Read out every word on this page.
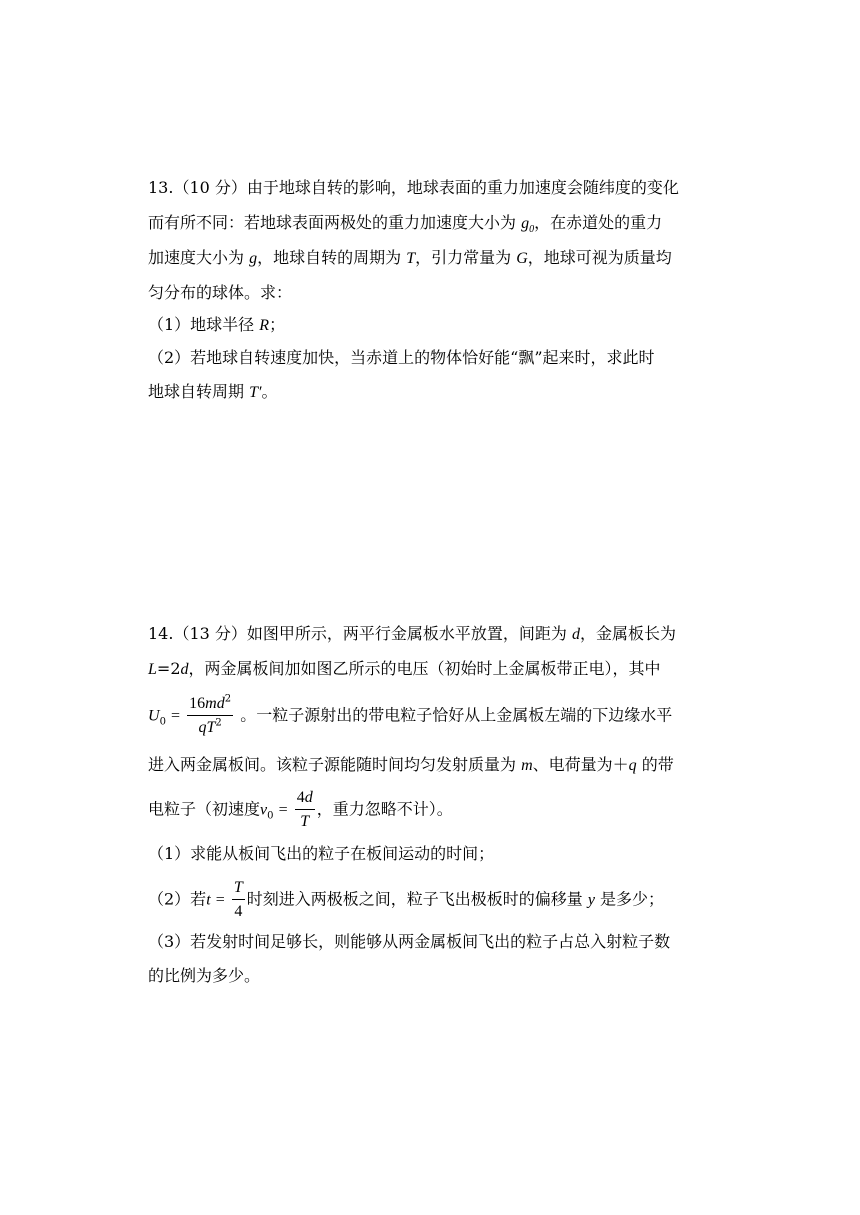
13.（10 分）由于地球自转的影响，地球表面的重力加速度会随纬度的变化
而有所不同：若地球表面两极处的重力加速度大小为 $g_0$，在赤道处的重力
加速度大小为 g，地球自转的周期为 T，引力常量为 G，地球可视为质量均
匀分布的球体。求：
（1）地球半径 R；
（2）若地球自转速度加快，当赤道上的物体恰好能“飘”起来时，求此时
地球自转周期 T′。
14.（13 分）如图甲所示，两平行金属板水平放置，间距为 d，金属板长为
L=2d，两金属板间加如图乙所示的电压（初始时上金属板带正电），其中
$U_0 = \frac{16md^2}{qT^2}$ 。一粒子源射出的带电粒子恰好从上金属板左端的下边缘水平
进入两金属板间。该粒子源能随时间均匀发射质量为 m、电荷量为＋q 的带
电粒子（初速度$v_0 = \frac{4d}{T}$ ，重力忽略不计）。
（1）求能从板间飞出的粒子在板间运动的时间；
（2）若$t = \frac{T}{4}$ 时刻进入两极板之间，粒子飞出极板时的偏移量 y 是多少；
（3）若发射时间足够长，则能够从两金属板间飞出的粒子占总入射粒子数
的比例为多少。
